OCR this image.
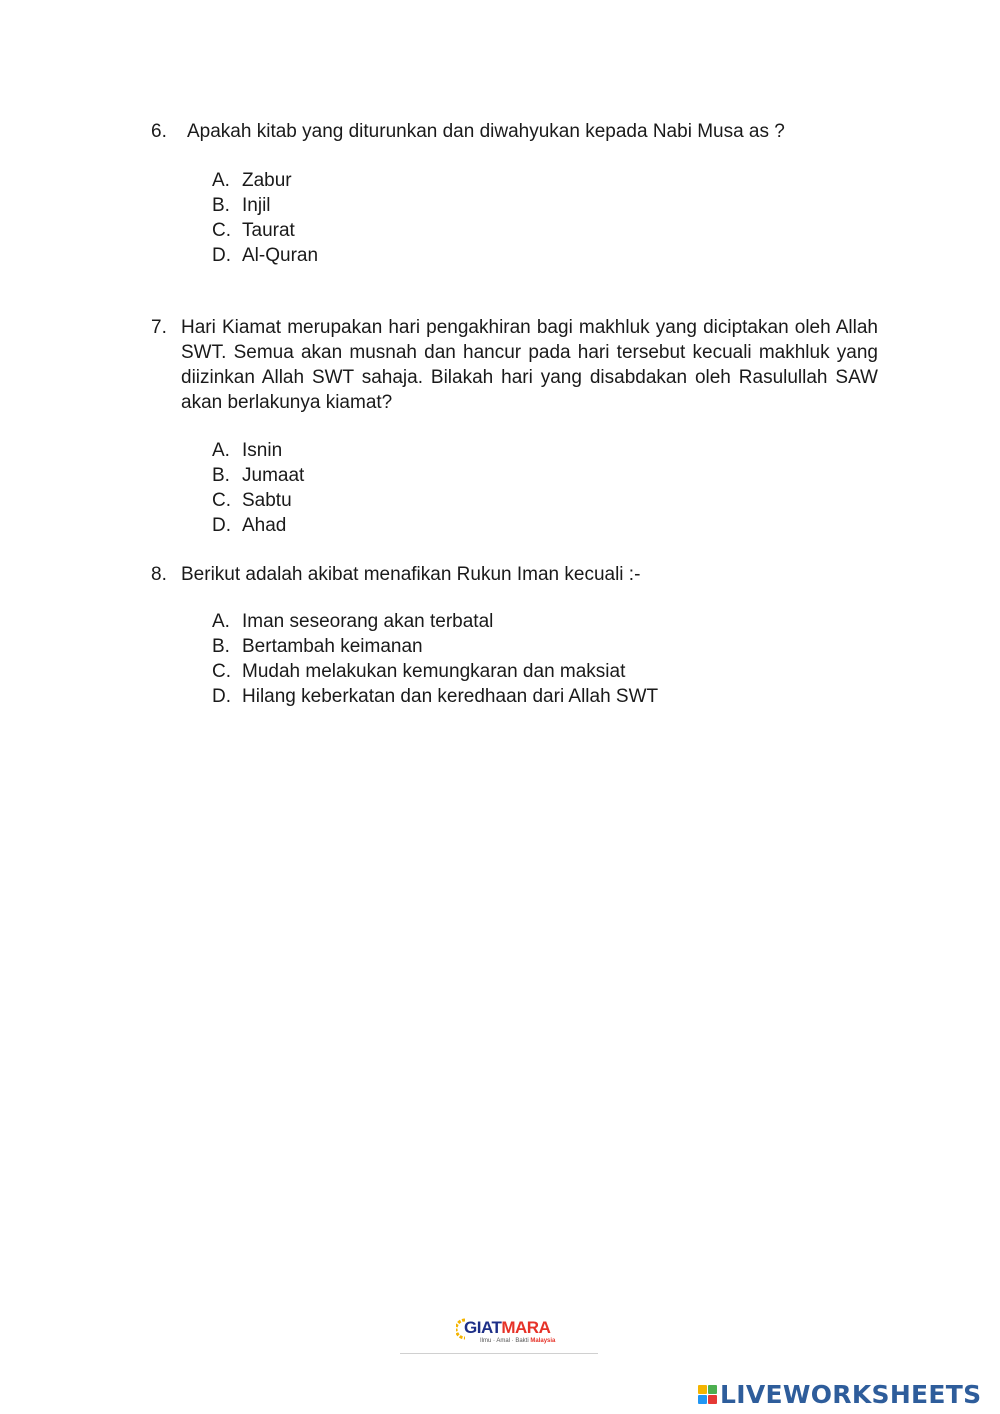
6. Apakah kitab yang diturunkan dan diwahyukan kepada Nabi Musa as ?
A. Zabur
B. Injil
C. Taurat
D. Al-Quran
7. Hari Kiamat merupakan hari pengakhiran bagi makhluk yang diciptakan oleh Allah SWT. Semua akan musnah dan hancur pada hari tersebut kecuali makhluk yang diizinkan Allah SWT sahaja. Bilakah hari yang disabdakan oleh Rasulullah SAW akan berlakunya kiamat?
A. Isnin
B. Jumaat
C. Sabtu
D. Ahad
8. Berikut adalah akibat menafikan Rukun Iman kecuali :-
A. Iman seseorang akan terbatal
B. Bertambah keimanan
C. Mudah melakukan kemungkaran dan maksiat
D. Hilang keberkatan dan keredhaan dari Allah SWT
GIATMARA
Ilmu · Amal · Bakti Malaysia
LIVEWORKSHEETS
